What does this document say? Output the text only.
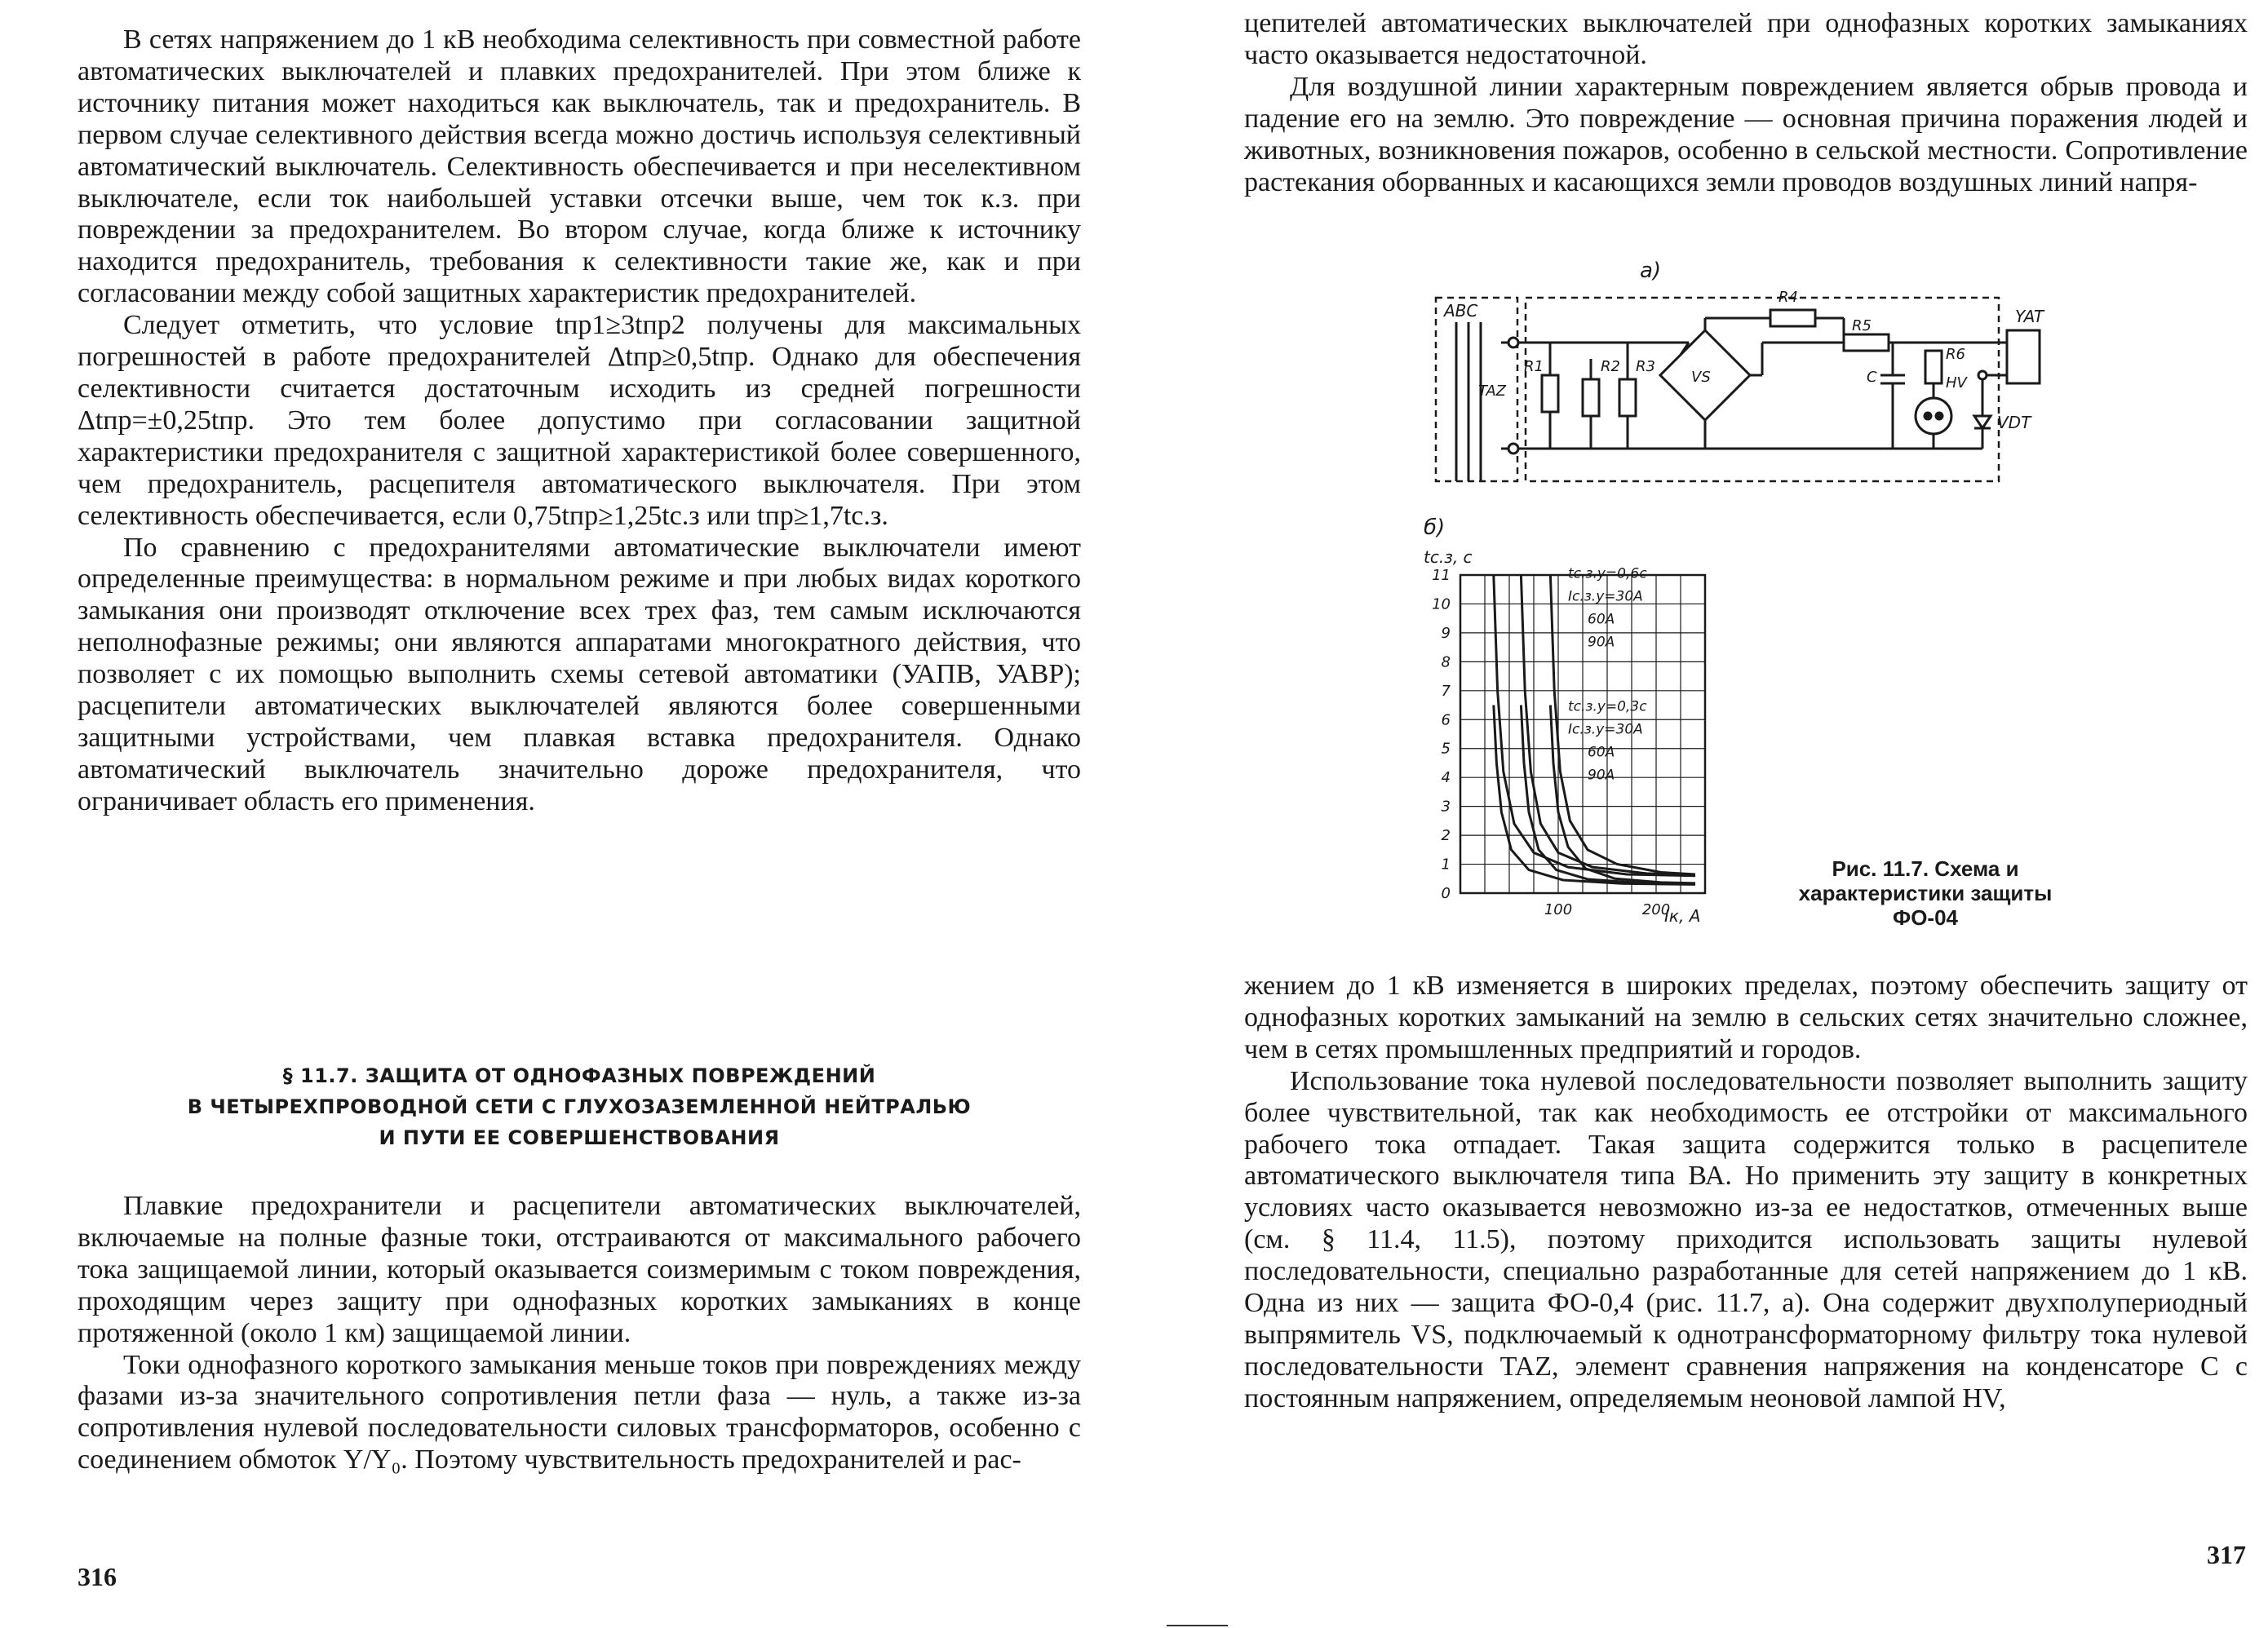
В сетях напряжением до 1 кВ необходима селективность при совместной работе автоматических выключателей и плавких предохранителей. При этом ближе к источнику питания может находиться как выключатель, так и предохранитель. В первом случае селективного действия всегда можно достичь используя селективный автоматический выключатель. Селективность обеспечивается и при неселективном выключателе, если ток наибольшей уставки отсечки выше, чем ток к.з. при повреждении за предохранителем. Во втором случае, когда ближе к источнику находится предохранитель, требования к селективности такие же, как и при согласовании между собой защитных характеристик предохранителей.

Следует отметить, что условие tпр1≥3tпр2 получены для максимальных погрешностей в работе предохранителей Δtпр≥0,5tпр. Однако для обеспечения селективности считается достаточным исходить из средней погрешности Δtпр=±0,25tпр. Это тем более допустимо при согласовании защитной характеристики предохранителя с защитной характеристикой более совершенного, чем предохранитель, расцепителя автоматического выключателя. При этом селективность обеспечивается, если 0,75tпр≥1,25tс.з или tпр≥1,7tс.з.

По сравнению с предохранителями автоматические выключатели имеют определенные преимущества: в нормальном режиме и при любых видах короткого замыкания они производят отключение всех трех фаз, тем самым исключаются неполнофазные режимы; они являются аппаратами многократного действия, что позволяет с их помощью выполнить схемы сетевой автоматики (УАПВ, УАВР); расцепители автоматических выключателей являются более совершенными защитными устройствами, чем плавкая вставка предохранителя. Однако автоматический выключатель значительно дороже предохранителя, что ограничивает область его применения.

§ 11.7. ЗАЩИТА ОТ ОДНОФАЗНЫХ ПОВРЕЖДЕНИЙ
В ЧЕТЫРЕХПРОВОДНОЙ СЕТИ С ГЛУХОЗАЗЕМЛЕННОЙ НЕЙТРАЛЬЮ
И ПУТИ ЕЕ СОВЕРШЕНСТВОВАНИЯ

Плавкие предохранители и расцепители автоматических выключателей, включаемые на полные фазные токи, отстраиваются от максимального рабочего тока защищаемой линии, который оказывается соизмеримым с током повреждения, проходящим через защиту при однофазных коротких замыканиях в конце протяженной (около 1 км) защищаемой линии.

Токи однофазного короткого замыкания меньше токов при повреждениях между фазами из-за значительного сопротивления петли фаза — нуль, а также из-за сопротивления нулевой последовательности силовых трансформаторов, особенно с соединением обмоток Y/Y₀. Поэтому чувствительность предохранителей и рас-

316

цепителей автоматических выключателей при однофазных коротких замыканиях часто оказывается недостаточной.

Для воздушной линии характерным повреждением является обрыв провода и падение его на землю. Это повреждение — основная причина поражения людей и животных, возникновения пожаров, особенно в сельской местности. Сопротивление растекания оборванных и касающихся земли проводов воздушных линий напря-

а)
ABC
TAZ
R1	R2 R3
VS
R4
R5
C
R6
HV
YAT
VDT
б)
tс.з, с
Iк, А
0
1
2
3
4
5
6
7
8
9
10
11
100	200
tс.з.у=0,6с
Iс.з.у=30А
60А
90А
tс.з.у=0,3с
Iс.з.у=30А
60А
90А
Рис. 11.7. Схема и характеристики защиты
ФО-04

жением до 1 кВ изменяется в широких пределах, поэтому обеспечить защиту от однофазных коротких замыканий на землю в сельских сетях значительно сложнее, чем в сетях промышленных предприятий и городов.

Использование тока нулевой последовательности позволяет выполнить защиту более чувствительной, так как необходимость ее отстройки от максимального рабочего тока отпадает. Такая защита содержится только в расцепителе автоматического выключателя типа ВА. Но применить эту защиту в конкретных условиях часто оказывается невозможно из-за ее недостатков, отмеченных выше (см. § 11.4, 11.5), поэтому приходится использовать защиты нулевой последовательности, специально разработанные для сетей напряжением до 1 кВ. Одна из них — защита ФО-0,4 (рис. 11.7, а). Она содержит двухполупериодный выпрямитель VS, подключаемый к однотрансформаторному фильтру тока нулевой последовательности TAZ, элемент сравнения напряжения на конденсаторе C с постоянным напряжением, определяемым неоновой лампой HV,

317
